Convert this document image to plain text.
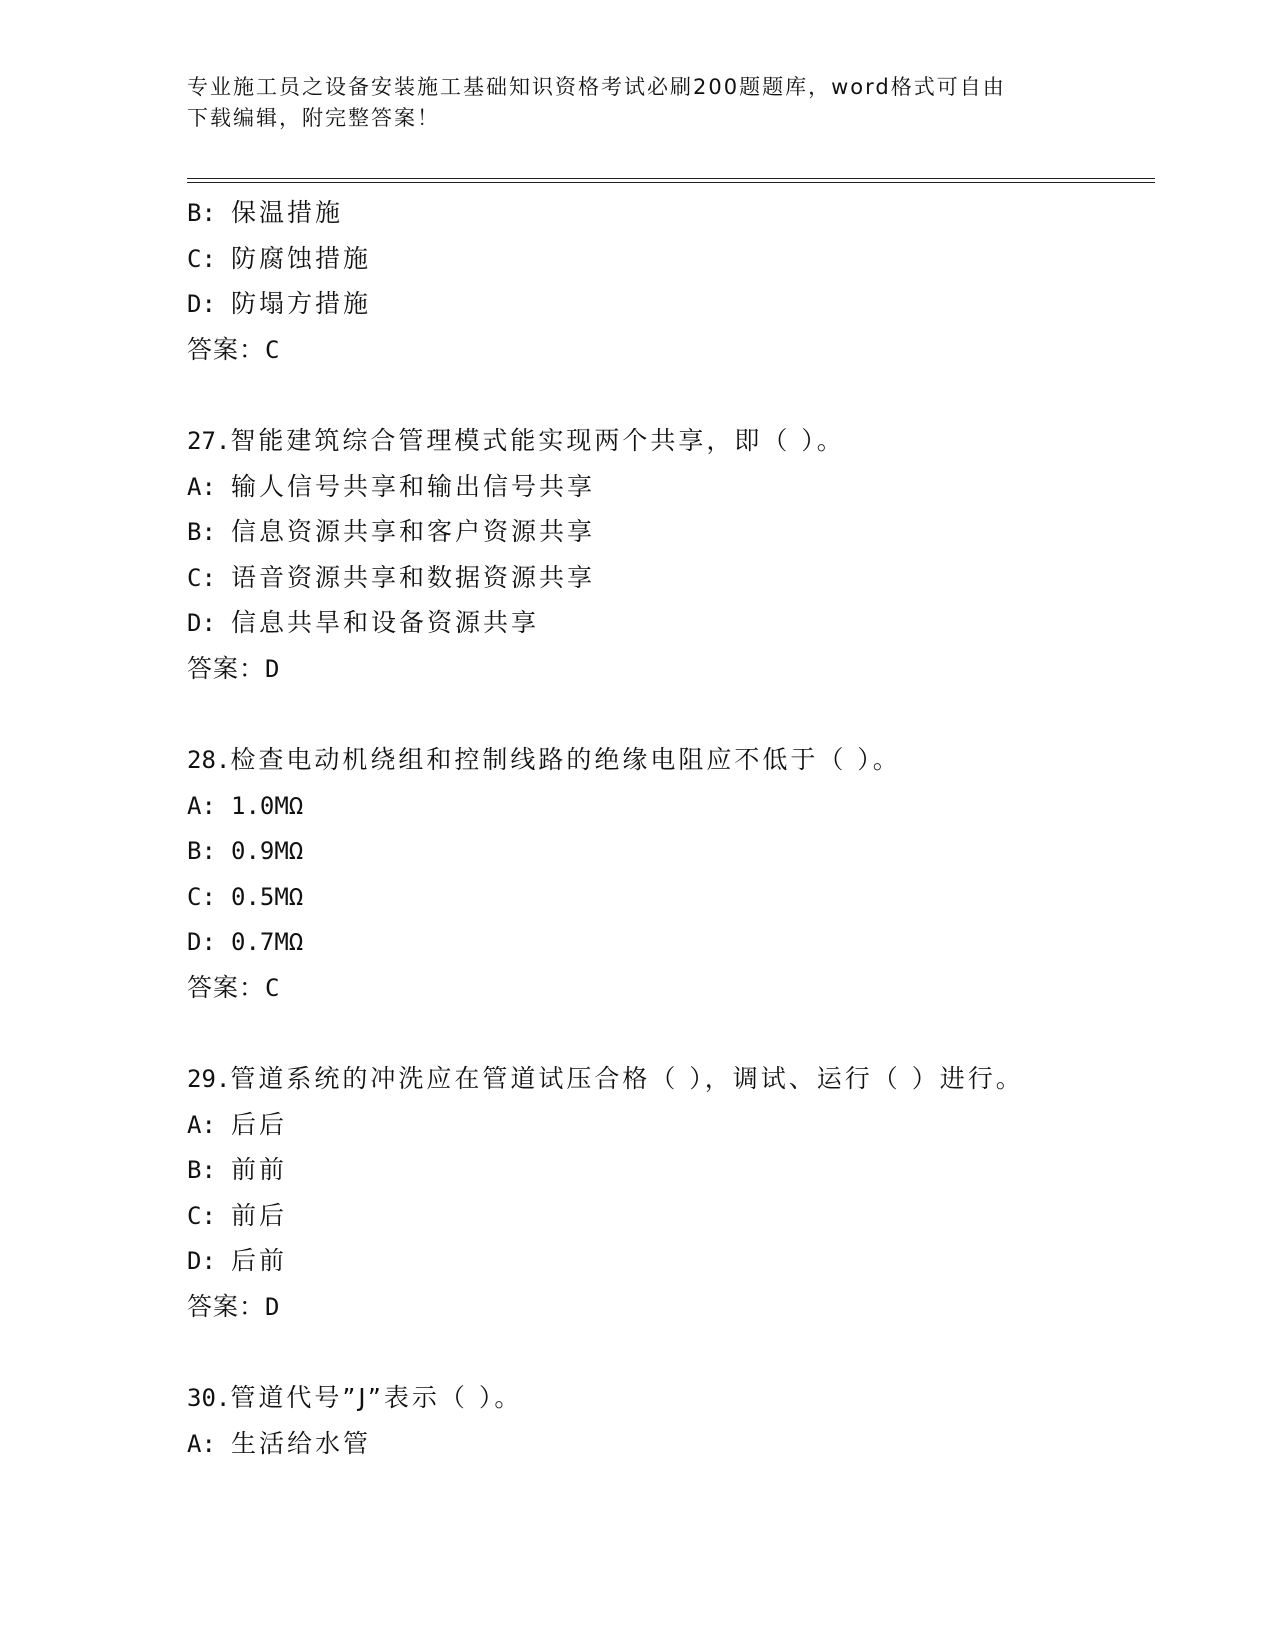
专业施工员之设备安装施工基础知识资格考试必刷200题题库，word格式可自由
下载编辑，附完整答案！
B: 保温措施
C: 防腐蚀措施
D: 防塌方措施
答案：C
27.智能建筑综合管理模式能实现两个共享，即（ ）。
A: 输人信号共享和输出信号共享
B: 信息资源共享和客户资源共享
C: 语音资源共享和数据资源共享
D: 信息共旱和设备资源共享
答案：D
28.检查电动机绕组和控制线路的绝缘电阻应不低于（ ）。
A: 1.0MΩ
B: 0.9MΩ
C: 0.5MΩ
D: 0.7MΩ
答案：C
29.管道系统的冲洗应在管道试压合格（ ），调试、运行（ ）进行。
A: 后后
B: 前前
C: 前后
D: 后前
答案：D
30.管道代号”J”表示（ ）。
A: 生活给水管
